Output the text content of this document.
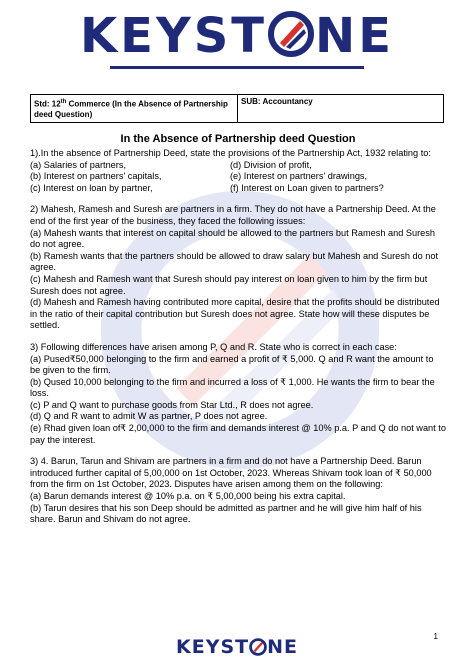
KEYST NE
Std: 12th Commerce (In the Absence of Partnership deed Question)	SUB: Accountancy
In the Absence of Partnership deed Question

1).In the absence of Partnership Deed, state the provisions of the Partnership Act, 1932 relating to:

(a) Salaries of partners,	(d) Division of profit,
(b) Interest on partners' capitals,	(e) Interest on partners' drawings,
(c) Interest on loan by partner,	(f) Interest on Loan given to partners?

2) Mahesh, Ramesh and Suresh are partners in a firm. They do not have a Partnership Deed. At the end of the first year of the business, they faced the following issues:

(a) Mahesh wants that interest on capital should be allowed to the partners but Ramesh and Suresh do not agree.

(b) Ramesh wants that the partners should be allowed to draw salary but Mahesh and Suresh do not agree.

(c) Mahesh and Ramesh want that Suresh should pay interest on loan given to him by the firm but Suresh does not agree.

(d) Mahesh and Ramesh having contributed more capital, desire that the profits should be distributed in the ratio of their capital contribution but Suresh does not agree. State how will these disputes be settled.

3) Following differences have arisen among P, Q and R. State who is correct in each case:

(a) Pused₹50,000 belonging to the firm and earned a profit of ₹ 5,000. Q and R want the amount to be given to the firm.

(b) Qused 10,000 belonging to the firm and incurred a loss of ₹ 1,000. He wants the firm to bear the loss.

(c) P and Q want to purchase goods from Star Ltd., R does not agree.

(d) Q and R want to admit W as partner, P does not agree.

(e) Rhad given loan of₹ 2,00,000 to the firm and demands interest @ 10% p.a. P and Q do not want to pay the interest.

3) 4. Barun, Tarun and Shivam are partners in a firm and do not have a Partnership Deed. Barun introduced further capital of 5,00,000 on 1st October, 2023. Whereas Shivam took loan of ₹ 50,000 from the firm on 1st October, 2023. Disputes have arisen among them on the following:

(a) Barun demands interest @ 10% p.a. on ₹ 5,00,000 being his extra capital.

(b) Tarun desires that his son Deep should be admitted as partner and he will give him half of his share. Barun and Shivam do not agree.

1
KEYST NE
